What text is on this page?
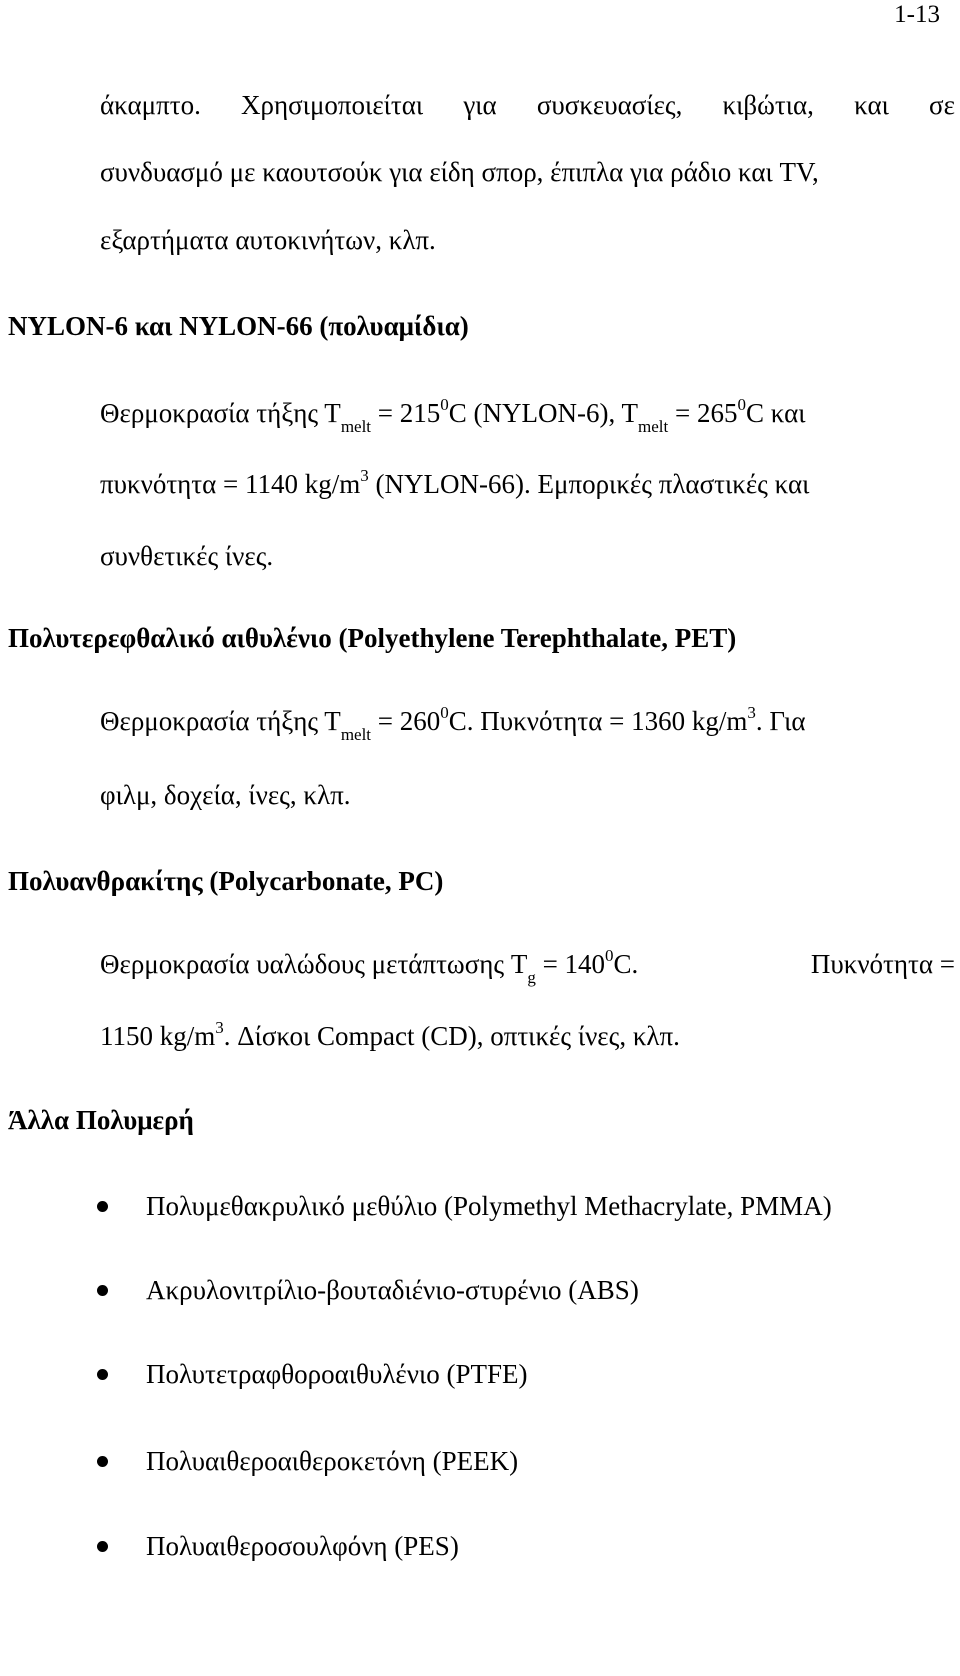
1-13
άκαμπτο. Χρησιμοποιείται για συσκευασίες, κιβώτια, και σε
συνδυασμό με καουτσούκ για είδη σπορ, έπιπλα για ράδιο και TV,
εξαρτήματα αυτοκινήτων, κλπ.
NYLON-6 και NYLON-66 (πολυαμίδια)
Θερμοκρασία τήξης $T_{melt} = 215^0C$ (NYLON-6), $T_{melt} = 265^0C$ και
πυκνότητα = 1140 $kg/m^3$ (NYLON-66). Εμπορικές πλαστικές και
συνθετικές ίνες.
Πολυτερεφθαλικό αιθυλένιο (Polyethylene Terephthalate, PET)
Θερμοκρασία τήξης $T_{melt} = 260^0C$. Πυκνότητα = 1360 $kg/m^3$. Για
φιλμ, δοχεία, ίνες, κλπ.
Πολυανθρακίτης (Polycarbonate, PC)
Θερμοκρασία υαλώδους μετάπτωσης $T_g = 140^0C$.	Πυκνότητα =
1150 $kg/m^3$. Δίσκοι Compact (CD), οπτικές ίνες, κλπ.
Άλλα Πολυμερή
Πολυμεθακρυλικό μεθύλιο (Polymethyl Methacrylate, PMMA)
Ακρυλονιτρίλιο-βουταδιένιο-στυρένιο (ABS)
Πολυτετραφθοροαιθυλένιο (PTFE)
Πολυαιθεροαιθεροκετόνη (PEEK)
Πολυαιθεροσουλφόνη (PES)
